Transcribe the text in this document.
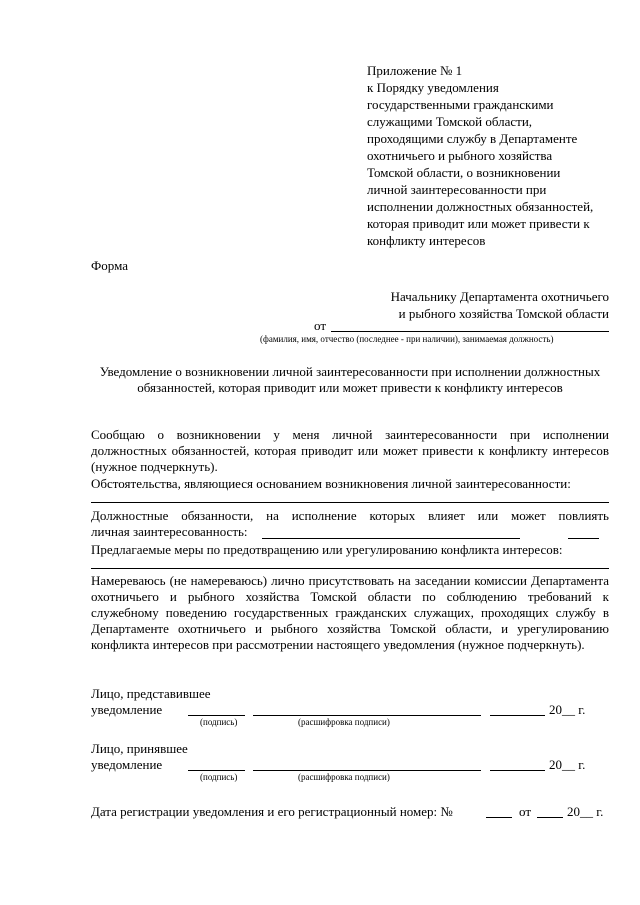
Приложение № 1
к Порядку уведомления
государственными гражданскими
служащими Томской области,
проходящими службу в Департаменте
охотничьего и рыбного хозяйства
Томской области, о возникновении
личной заинтересованности при
исполнении должностных обязанностей,
которая приводит или может привести к
конфликту интересов
Форма
Начальнику Департамента охотничьего
и рыбного хозяйства Томской области
от
(фамилия, имя, отчество (последнее - при наличии), занимаемая должность)
Уведомление о возникновении личной заинтересованности при исполнении должностных обязанностей, которая приводит или может привести к конфликту интересов
Сообщаю о возникновении у меня личной заинтересованности при исполнении должностных обязанностей, которая приводит или может привести к конфликту интересов (нужное подчеркнуть).
Обстоятельства, являющиеся основанием возникновения личной заинтересованности:
Должностные обязанности, на исполнение которых влияет или может повлиять
личная заинтересованность:
Предлагаемые меры по предотвращению или урегулированию конфликта интересов:
Намереваюсь (не намереваюсь) лично присутствовать на заседании комиссии Департамента охотничьего и рыбного хозяйства Томской области по соблюдению требований к служебному поведению государственных гражданских служащих, проходящих службу в Департаменте охотничьего и рыбного хозяйства Томской области, и урегулированию конфликта интересов при рассмотрении настоящего уведомления (нужное подчеркнуть).
Лицо, представившее
уведомление	20__ г.
(подпись)	(расшифровка подписи)
Лицо, принявшее
уведомление	20__ г.
(подпись)	(расшифровка подписи)
Дата регистрации уведомления и его регистрационный номер: №	от	20__ г.
